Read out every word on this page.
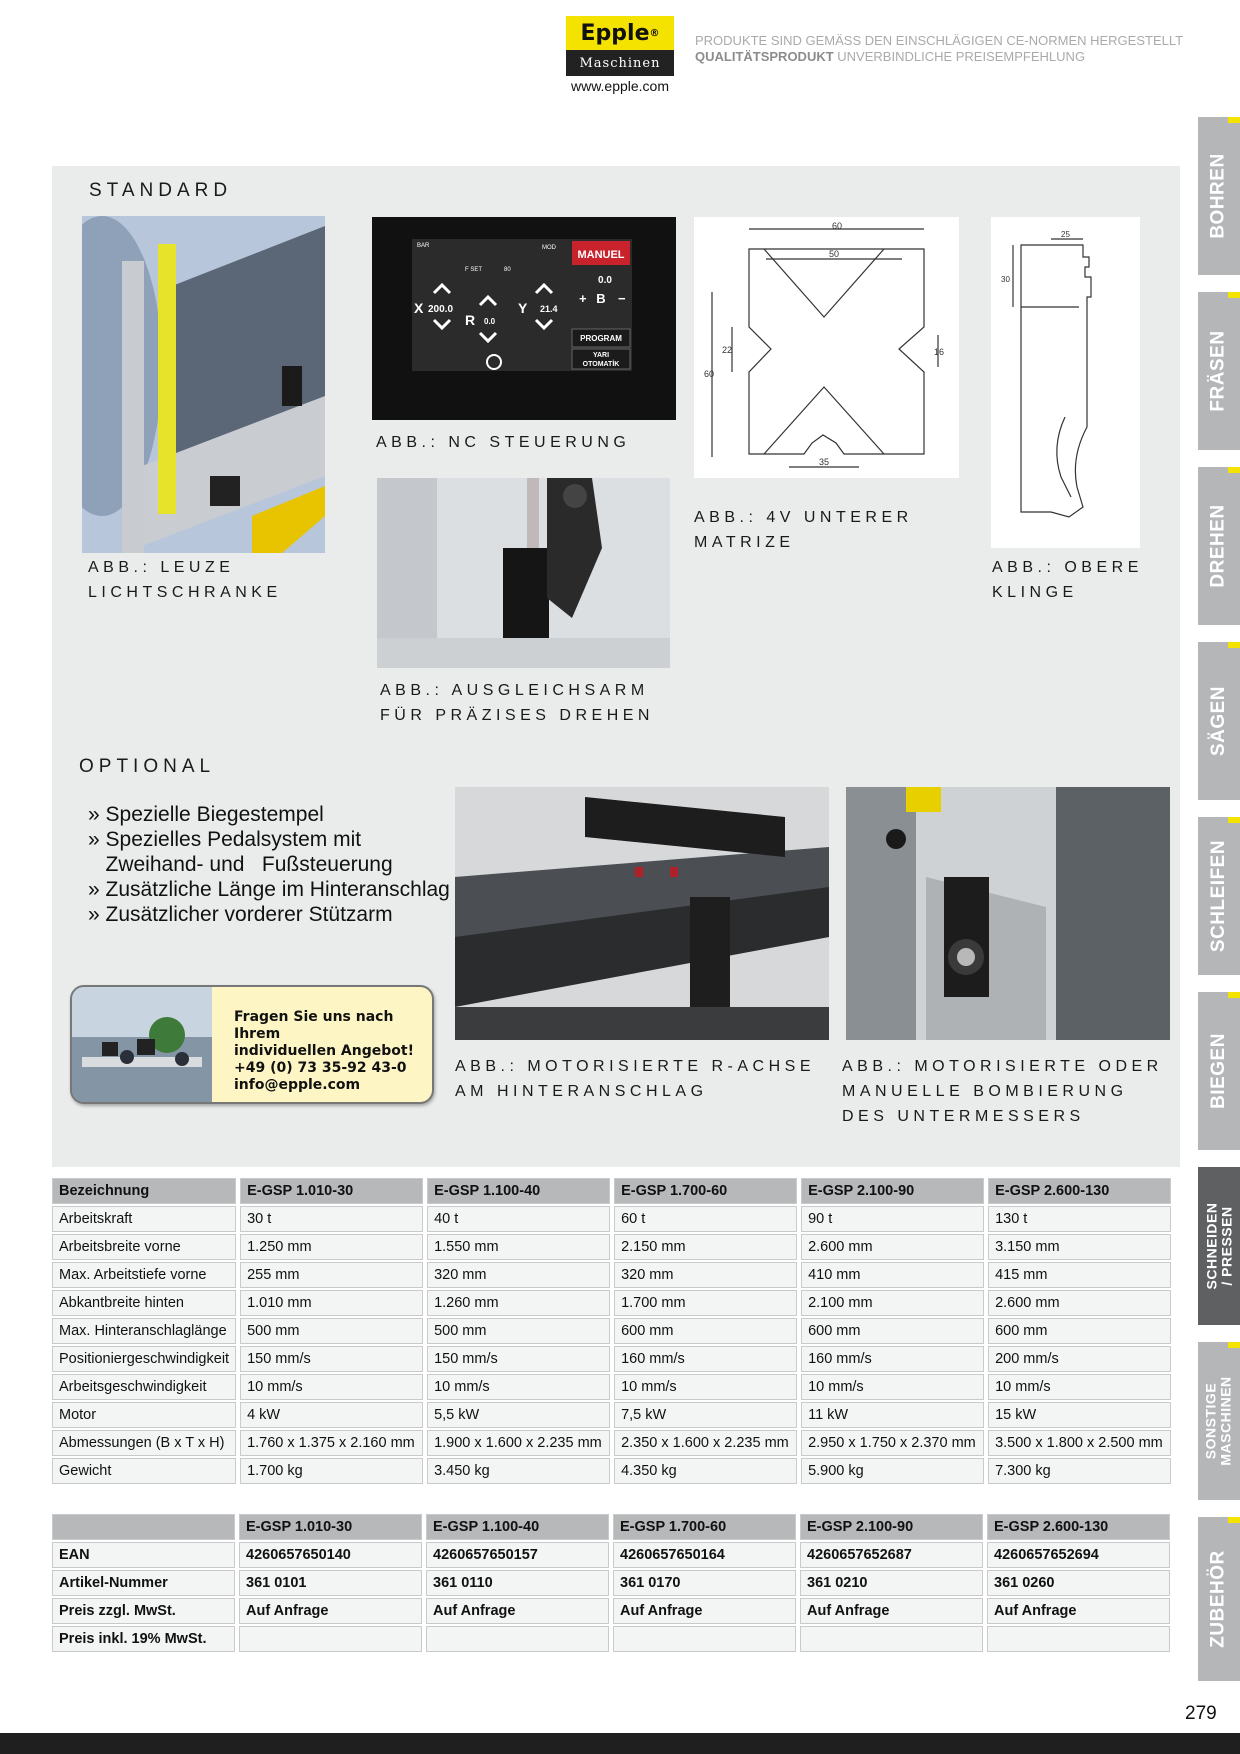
Epple ®
Maschinen
www.epple.com
PRODUKTE SIND GEMÄSS DEN EINSCHLÄGIGEN CE-NORMEN HERGESTELLT
QUALITÄTSPRODUKT UNVERBINDLICHE PREISEMPFEHLUNG
BOHREN
FRÄSEN
DREHEN
SÄGEN
SCHLEIFEN
BIEGEN
SCHNEIDEN / PRESSEN
SONSTIGE MASCHINEN
ZUBEHÖR
STANDARD
ABB.: LEUZE
LICHTSCHRANKE
MANUEL
0.0
+ B −
PROGRAM
YARI
OTOMATİK
BAR	MOD
F SET	80
X 200.0
R 0.0
Y 21.4
ABB.: NC STEUERUNG
ABB.: AUSGLEICHSARM
FÜR PRÄZISES DREHEN
60
50
60
22	16
35
ABB.: 4V UNTERER
MATRIZE
25
30
ABB.: OBERE
KLINGE
OPTIONAL
» Spezielle Biegestempel
» Spezielles Pedalsystem mit
Zweihand- und   Fußsteuerung
» Zusätzliche Länge im Hinteranschlag
» Zusätzlicher vorderer Stützarm
Fragen Sie uns nach Ihrem
individuellen Angebot!
+49 (0) 73 35-92 43-0
info@epple.com
ABB.: MOTORISIERTE R-ACHSE
AM HINTERANSCHLAG
ABB.: MOTORISIERTE ODER
MANUELLE BOMBIERUNG
DES UNTERMESSERS
Bezeichnung	E-GSP 1.010-30	E-GSP 1.100-40	E-GSP 1.700-60	E-GSP 2.100-90	E-GSP 2.600-130
Arbeitskraft	30 t	40 t	60 t	90 t	130 t
Arbeitsbreite vorne	1.250 mm	1.550 mm	2.150 mm	2.600 mm	3.150 mm
Max. Arbeitstiefe vorne	255 mm	320 mm	320 mm	410 mm	415 mm
Abkantbreite hinten	1.010 mm	1.260 mm	1.700 mm	2.100 mm	2.600 mm
Max. Hinteranschlaglänge	500 mm	500 mm	600 mm	600 mm	600 mm
Positioniergeschwindigkeit	150 mm/s	150 mm/s	160 mm/s	160 mm/s	200 mm/s
Arbeitsgeschwindigkeit	10 mm/s	10 mm/s	10 mm/s	10 mm/s	10 mm/s
Motor	4 kW	5,5 kW	7,5 kW	11 kW	15 kW
Abmessungen (B x T x H)	1.760 x 1.375 x 2.160 mm	1.900 x 1.600 x 2.235 mm	2.350 x 1.600 x 2.235 mm	2.950 x 1.750 x 2.370 mm	3.500 x 1.800 x 2.500 mm
Gewicht	1.700 kg	3.450 kg	4.350 kg	5.900 kg	7.300 kg
	E-GSP 1.010-30	E-GSP 1.100-40	E-GSP 1.700-60	E-GSP 2.100-90	E-GSP 2.600-130
EAN	4260657650140	4260657650157	4260657650164	4260657652687	4260657652694
Artikel-Nummer	361 0101	361 0110	361 0170	361 0210	361 0260
Preis zzgl. MwSt.	Auf Anfrage	Auf Anfrage	Auf Anfrage	Auf Anfrage	Auf Anfrage
Preis inkl. 19% MwSt.					
279
